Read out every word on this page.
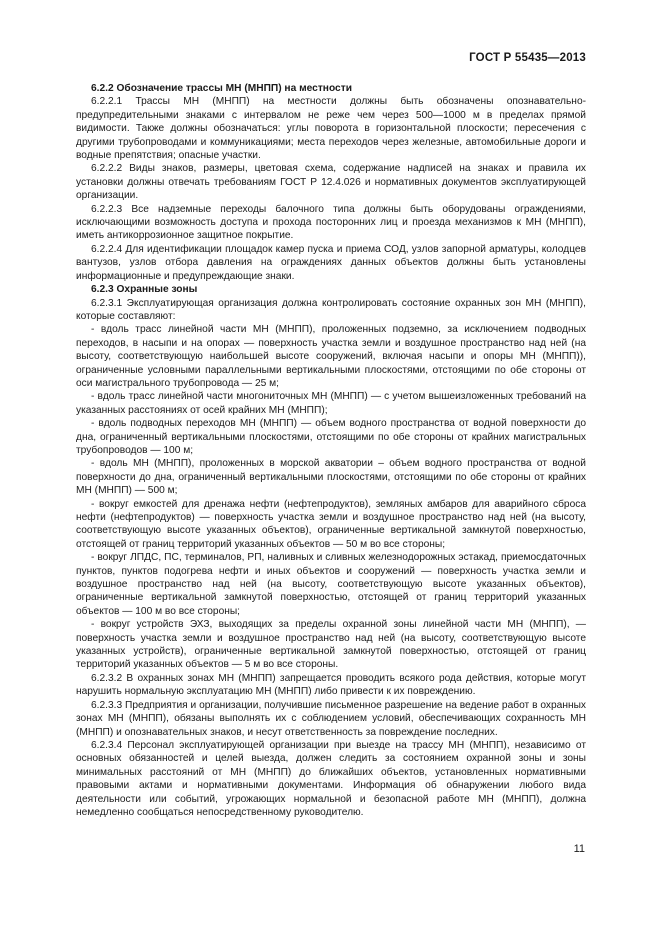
ГОСТ Р 55435—2013

6.2.2 Обозначение трассы МН (МНПП) на местности

6.2.2.1 Трассы МН (МНПП) на местности должны быть обозначены опознавательно-предупредительными знаками с интервалом не реже чем через 500—1000 м в пределах прямой видимости. Также должны обозначаться: углы поворота в горизонтальной плоскости; пересечения с другими трубопроводами и коммуникациями; места переходов через железные, автомобильные дороги и водные препятствия; опасные участки.

6.2.2.2 Виды знаков, размеры, цветовая схема, содержание надписей на знаках и правила их установки должны отвечать требованиям ГОСТ Р 12.4.026 и нормативных документов эксплуатирующей организации.

6.2.2.3 Все надземные переходы балочного типа должны быть оборудованы ограждениями, исключающими возможность доступа и прохода посторонних лиц и проезда механизмов к МН (МНПП), иметь антикоррозионное защитное покрытие.

6.2.2.4 Для идентификации площадок камер пуска и приема СОД, узлов запорной арматуры, колодцев вантузов, узлов отбора давления на ограждениях данных объектов должны быть установлены информационные и предупреждающие знаки.

6.2.3 Охранные зоны

6.2.3.1 Эксплуатирующая организация должна контролировать состояние охранных зон МН (МНПП), которые составляют:

- вдоль трасс линейной части МН (МНПП), проложенных подземно, за исключением подводных переходов, в насыпи и на опорах — поверхность участка земли и воздушное пространство над ней (на высоту, соответствующую наибольшей высоте сооружений, включая насыпи и опоры МН (МНПП)), ограниченные условными параллельными вертикальными плоскостями, отстоящими по обе стороны от оси магистрального трубопровода — 25 м;

- вдоль трасс линейной части многониточных МН (МНПП) — с учетом вышеизложенных требований на указанных расстояниях от осей крайних МН (МНПП);

- вдоль подводных переходов МН (МНПП) — объем водного пространства от водной поверхности до дна, ограниченный вертикальными плоскостями, отстоящими по обе стороны от крайних магистральных трубопроводов — 100 м;

- вдоль МН (МНПП), проложенных в морской акватории – объем водного пространства от водной поверхности до дна, ограниченный вертикальными плоскостями, отстоящими по обе стороны от крайних МН (МНПП) — 500 м;

- вокруг емкостей для дренажа нефти (нефтепродуктов), земляных амбаров для аварийного сброса нефти (нефтепродуктов) — поверхность участка земли и воздушное пространство над ней (на высоту, соответствующую высоте указанных объектов), ограниченные вертикальной замкнутой поверхностью, отстоящей от границ территорий указанных объектов — 50 м во все стороны;

- вокруг ЛПДС, ПС, терминалов, РП, наливных и сливных железнодорожных эстакад, приемосдаточных пунктов, пунктов подогрева нефти и иных объектов и сооружений — поверхность участка земли и воздушное пространство над ней (на высоту, соответствующую высоте указанных объектов), ограниченные вертикальной замкнутой поверхностью, отстоящей от границ территорий указанных объектов — 100 м во все стороны;

- вокруг устройств ЭХЗ, выходящих за пределы охранной зоны линейной части МН (МНПП), — поверхность участка земли и воздушное пространство над ней (на высоту, соответствующую высоте указанных устройств), ограниченные вертикальной замкнутой поверхностью, отстоящей от границ территорий указанных объектов — 5 м во все стороны.

6.2.3.2 В охранных зонах МН (МНПП) запрещается проводить всякого рода действия, которые могут нарушить нормальную эксплуатацию МН (МНПП) либо привести к их повреждению.

6.2.3.3 Предприятия и организации, получившие письменное разрешение на ведение работ в охранных зонах МН (МНПП), обязаны выполнять их с соблюдением условий, обеспечивающих сохранность МН (МНПП) и опознавательных знаков, и несут ответственность за повреждение последних.

6.2.3.4 Персонал эксплуатирующей организации при выезде на трассу МН (МНПП), независимо от основных обязанностей и целей выезда, должен следить за состоянием охранной зоны и зоны минимальных расстояний от МН (МНПП) до ближайших объектов, установленных нормативными правовыми актами и нормативными документами. Информация об обнаружении любого вида деятельности или событий, угрожающих нормальной и безопасной работе МН (МНПП), должна немедленно сообщаться непосредственному руководителю.

11
